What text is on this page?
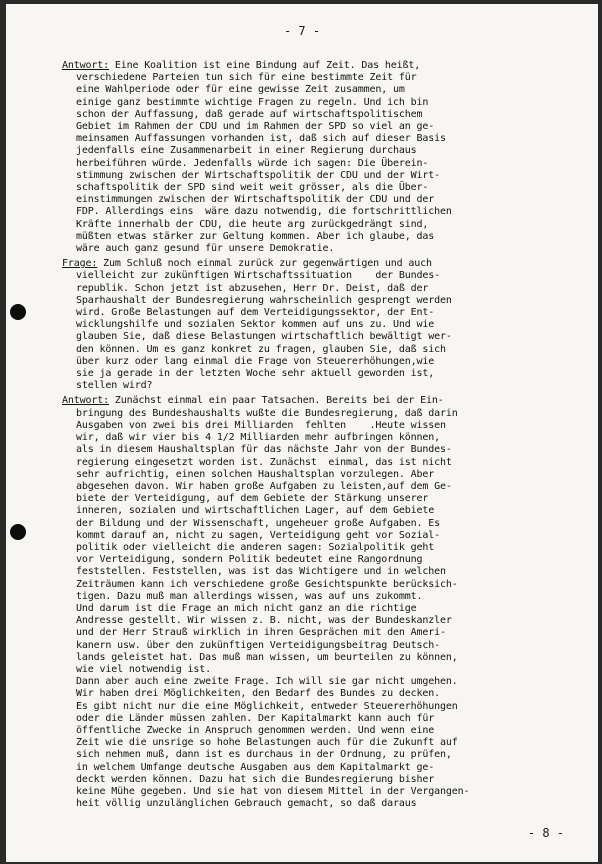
- 7 -
Antwort: Eine Koalition ist eine Bindung auf Zeit. Das heißt,
verschiedene Parteien tun sich für eine bestimmte Zeit für
eine Wahlperiode oder für eine gewisse Zeit zusammen, um
einige ganz bestimmte wichtige Fragen zu regeln. Und ich bin
schon der Auffassung, daß gerade auf wirtschaftspolitischem
Gebiet im Rahmen der CDU und im Rahmen der SPD so viel an ge-
meinsamen Auffassungen vorhanden ist, daß sich auf dieser Basis
jedenfalls eine Zusammenarbeit in einer Regierung durchaus
herbeiführen würde. Jedenfalls würde ich sagen: Die Überein-
stimmung zwischen der Wirtschaftspolitik der CDU und der Wirt-
schaftspolitik der SPD sind weit weit grösser, als die Über-
einstimmungen zwischen der Wirtschaftspolitik der CDU und der
FDP. Allerdings eins  wäre dazu notwendig, die fortschrittlichen
Kräfte innerhalb der CDU, die heute arg zurückgedrängt sind,
müßten etwas stärker zur Geltung kommen. Aber ich glaube, das
wäre auch ganz gesund für unsere Demokratie.
Frage: Zum Schluß noch einmal zurück zur gegenwärtigen und auch
vielleicht zur zukünftigen Wirtschaftssituation    der Bundes-
republik. Schon jetzt ist abzusehen, Herr Dr. Deist, daß der
Sparhaushalt der Bundesregierung wahrscheinlich gesprengt werden
wird. Große Belastungen auf dem Verteidigungssektor, der Ent-
wicklungshilfe und sozialen Sektor kommen auf uns zu. Und wie
glauben Sie, daß diese Belastungen wirtschaftlich bewältigt wer-
den können. Um es ganz konkret zu fragen, glauben Sie, daß sich
über kurz oder lang einmal die Frage von Steuererhöhungen,wie
sie ja gerade in der letzten Woche sehr aktuell geworden ist,
stellen wird?
Antwort: Zunächst einmal ein paar Tatsachen. Bereits bei der Ein-
bringung des Bundeshaushalts wußte die Bundesregierung, daß darin
Ausgaben von zwei bis drei Milliarden  fehlten    .Heute wissen
wir, daß wir vier bis 4 1/2 Milliarden mehr aufbringen können,
als in diesem Haushaltsplan für das nächste Jahr von der Bundes-
regierung eingesetzt worden ist. Zunächst  einmal, das ist nicht
sehr aufrichtig, einen solchen Haushaltsplan vorzulegen. Aber
abgesehen davon. Wir haben große Aufgaben zu leisten,auf dem Ge-
biete der Verteidigung, auf dem Gebiete der Stärkung unserer
inneren, sozialen und wirtschaftlichen Lager, auf dem Gebiete
der Bildung und der Wissenschaft, ungeheuer große Aufgaben. Es
kommt darauf an, nicht zu sagen, Verteidigung geht vor Sozial-
politik oder vielleicht die anderen sagen: Sozialpolitik geht
vor Verteidigung, sondern Politik bedeutet eine Rangordnung
feststellen. Feststellen, was ist das Wichtigere und in welchen
Zeiträumen kann ich verschiedene große Gesichtspunkte berücksich-
tigen. Dazu muß man allerdings wissen, was auf uns zukommt.
Und darum ist die Frage an mich nicht ganz an die richtige
Andresse gestellt. Wir wissen z. B. nicht, was der Bundeskanzler
und der Herr Strauß wirklich in ihren Gesprächen mit den Ameri-
kanern usw. über den zukünftigen Verteidigungsbeitrag Deutsch-
lands geleistet hat. Das muß man wissen, um beurteilen zu können,
wie viel notwendig ist.
Dann aber auch eine zweite Frage. Ich will sie gar nicht umgehen.
Wir haben drei Möglichkeiten, den Bedarf des Bundes zu decken.
Es gibt nicht nur die eine Möglichkeit, entweder Steuererhöhungen
oder die Länder müssen zahlen. Der Kapitalmarkt kann auch für
öffentliche Zwecke in Anspruch genommen werden. Und wenn eine
Zeit wie die unsrige so hohe Belastungen auch für die Zukunft auf
sich nehmen muß, dann ist es durchaus in der Ordnung, zu prüfen,
in welchem Umfange deutsche Ausgaben aus dem Kapitalmarkt ge-
deckt werden können. Dazu hat sich die Bundesregierung bisher
keine Mühe gegeben. Und sie hat von diesem Mittel in der Vergangen-
heit völlig unzulänglichen Gebrauch gemacht, so daß daraus
- 8 -
